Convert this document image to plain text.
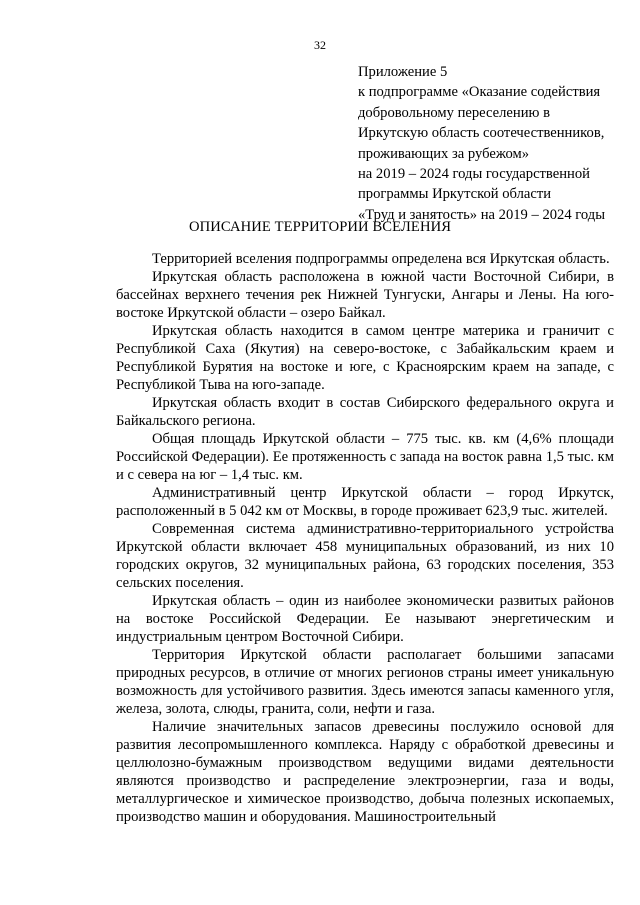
32
Приложение 5
к подпрограмме «Оказание содействия
добровольному переселению в
Иркутскую область соотечественников,
проживающих за рубежом»
на 2019 – 2024 годы государственной
программы Иркутской области
«Труд и занятость» на 2019 – 2024 годы
ОПИСАНИЕ ТЕРРИТОРИИ ВСЕЛЕНИЯ

Территорией вселения подпрограммы определена вся Иркутская область.

Иркутская область расположена в южной части Восточной Сибири, в бассейнах верхнего течения рек Нижней Тунгуски, Ангары и Лены. На юго-востоке Иркутской области – озеро Байкал.

Иркутская область находится в самом центре материка и граничит с Республикой Саха (Якутия) на северо-востоке, с Забайкальским краем и Республикой Бурятия на востоке и юге, с Красноярским краем на западе, с Республикой Тыва на юго-западе.

Иркутская область входит в состав Сибирского федерального округа и Байкальского региона.

Общая площадь Иркутской области – 775 тыс. кв. км (4,6% площади Российской Федерации). Ее протяженность с запада на восток равна 1,5 тыс. км и с севера на юг – 1,4 тыс. км.

Административный центр Иркутской области – город Иркутск, расположенный в 5 042 км от Москвы, в городе проживает 623,9 тыс. жителей.

Современная система административно-территориального устройства Иркутской области включает 458 муниципальных образований, из них 10 городских округов, 32 муниципальных района, 63 городских поселения, 353 сельских поселения.

Иркутская область – один из наиболее экономически развитых районов на востоке Российской Федерации. Ее называют энергетическим и индустриальным центром Восточной Сибири.

Территория Иркутской области располагает большими запасами природных ресурсов, в отличие от многих регионов страны имеет уникальную возможность для устойчивого развития. Здесь имеются запасы каменного угля, железа, золота, слюды, гранита, соли, нефти и газа.

Наличие значительных запасов древесины послужило основой для развития лесопромышленного комплекса. Наряду с обработкой древесины и целлюлозно-бумажным производством ведущими видами деятельности являются производство и распределение электроэнергии, газа и воды, металлургическое и химическое производство, добыча полезных ископаемых, производство машин и оборудования. Машиностроительный
